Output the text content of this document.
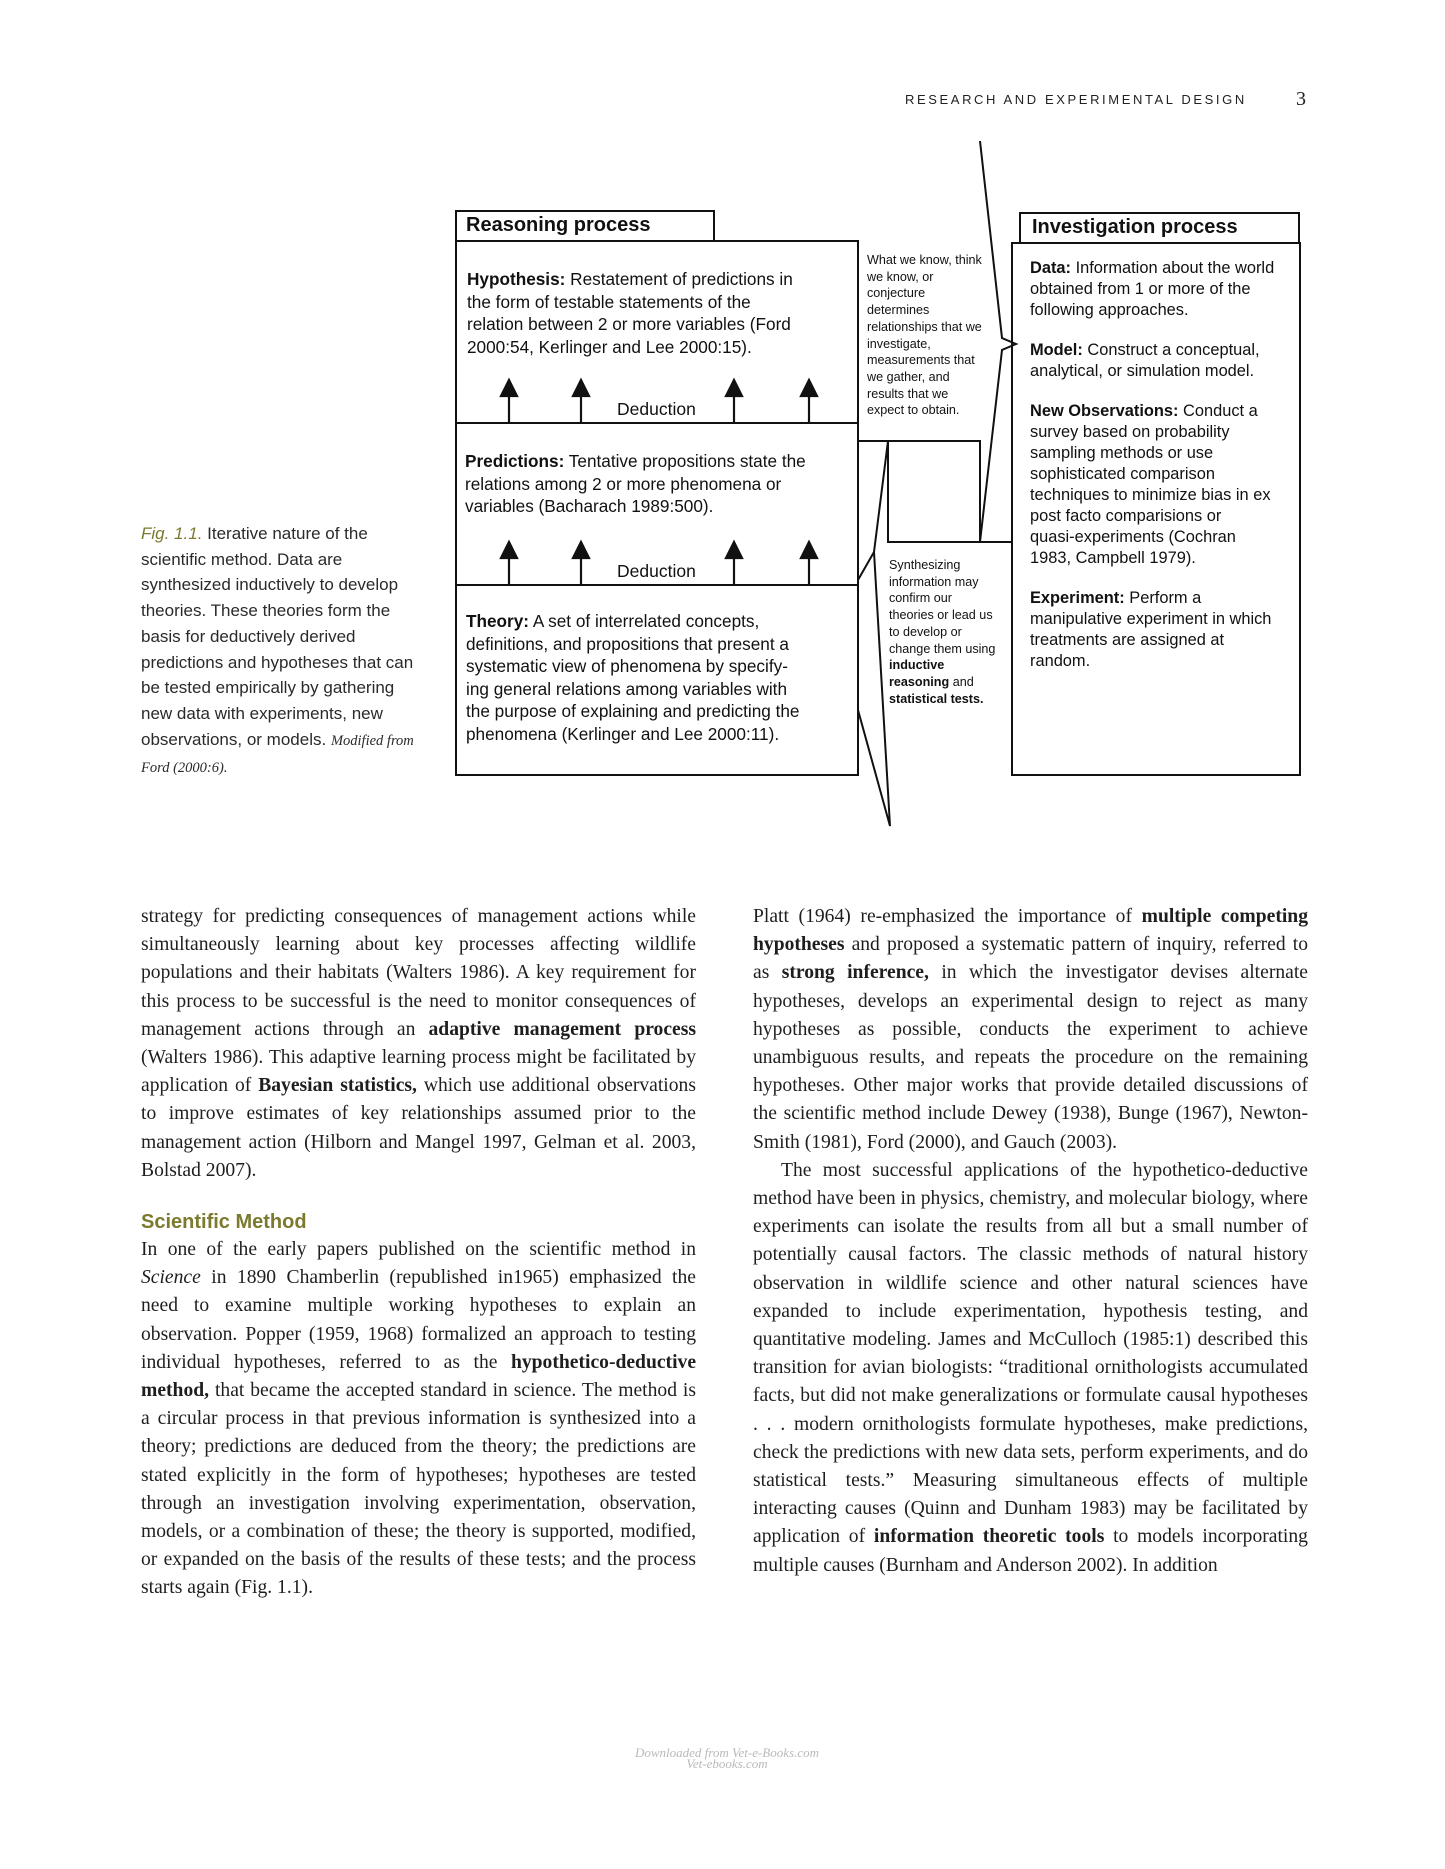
RESEARCH AND EXPERIMENTAL DESIGN 3
Reasoning process	Investigation process
Hypothesis: Restatement of predictions in
the form of testable statements of the
relation between 2 or more variables (Ford
2000:54, Kerlinger and Lee 2000:15).
Deduction
Predictions: Tentative propositions state the
relations among 2 or more phenomena or
variables (Bacharach 1989:500).
Deduction
Theory: A set of interrelated concepts,
definitions, and propositions that present a
systematic view of phenomena by specify-
ing general relations among variables with
the purpose of explaining and predicting the
phenomena (Kerlinger and Lee 2000:11).
What we know, think
we know, or
conjecture
determines
relationships that we
investigate,
measurements that
we gather, and
results that we
expect to obtain.
Synthesizing
information may
confirm our
theories or lead us
to develop or
change them using
inductive
reasoning and
statistical tests.

Data: Information about the world
obtained from 1 or more of the
following approaches.

Model: Construct a conceptual,
analytical, or simulation model.

New Observations: Conduct a
survey based on probability
sampling methods or use
sophisticated comparison
techniques to minimize bias in ex
post facto comparisions or
quasi-experiments (Cochran
1983, Campbell 1979).

Experiment: Perform a
manipulative experiment in which
treatments are assigned at
random.

Fig. 1.1. Iterative nature of the scientific method. Data are synthesized inductively to develop theories. These theories form the basis for deductively derived predictions and hypotheses that can be tested empirically by gathering new data with experiments, new observations, or models. Modified from Ford (2000:6).

strategy for predicting consequences of management actions while simultaneously learning about key processes affecting wildlife populations and their habitats (Walters 1986). A key requirement for this process to be successful is the need to monitor consequences of management actions through an adaptive management process (Walters 1986). This adaptive learning process might be facilitated by application of Bayesian statistics, which use additional observations to improve estimates of key relationships assumed prior to the management action (Hilborn and Mangel 1997, Gelman et al. 2003, Bolstad 2007).

Scientific Method

In one of the early papers published on the scientific method in Science in 1890 Chamberlin (republished in1965) emphasized the need to examine multiple working hypotheses to explain an observation. Popper (1959, 1968) formalized an approach to testing individual hypotheses, referred to as the hypothetico-deductive method, that became the accepted standard in science. The method is a circular process in that previous information is synthesized into a theory; predictions are deduced from the theory; the predictions are stated explicitly in the form of hypotheses; hypotheses are tested through an investigation involving experimentation, observation, models, or a combination of these; the theory is supported, modified, or expanded on the basis of the results of these tests; and the process starts again (Fig. 1.1).

Platt (1964) re-emphasized the importance of multiple competing hypotheses and proposed a systematic pattern of inquiry, referred to as strong inference, in which the investigator devises alternate hypotheses, develops an experimental design to reject as many hypotheses as possible, conducts the experiment to achieve unambiguous results, and repeats the procedure on the remaining hypotheses. Other major works that provide detailed discussions of the scientific method include Dewey (1938), Bunge (1967), Newton-Smith (1981), Ford (2000), and Gauch (2003).

The most successful applications of the hypothetico-deductive method have been in physics, chemistry, and molecular biology, where experiments can isolate the results from all but a small number of potentially causal factors. The classic methods of natural history observation in wildlife science and other natural sciences have expanded to include experimentation, hypothesis testing, and quantitative modeling. James and McCulloch (1985:1) described this transition for avian biologists: “traditional ornithologists accumulated facts, but did not make generalizations or formulate causal hypotheses . . . modern ornithologists formulate hypotheses, make predictions, check the predictions with new data sets, perform experiments, and do statistical tests.” Measuring simultaneous effects of multiple interacting causes (Quinn and Dunham 1983) may be facilitated by application of information theoretic tools to models incorporating multiple causes (Burnham and Anderson 2002). In addition

Downloaded from Vet-e-Books.com
Vet-ebooks.com
